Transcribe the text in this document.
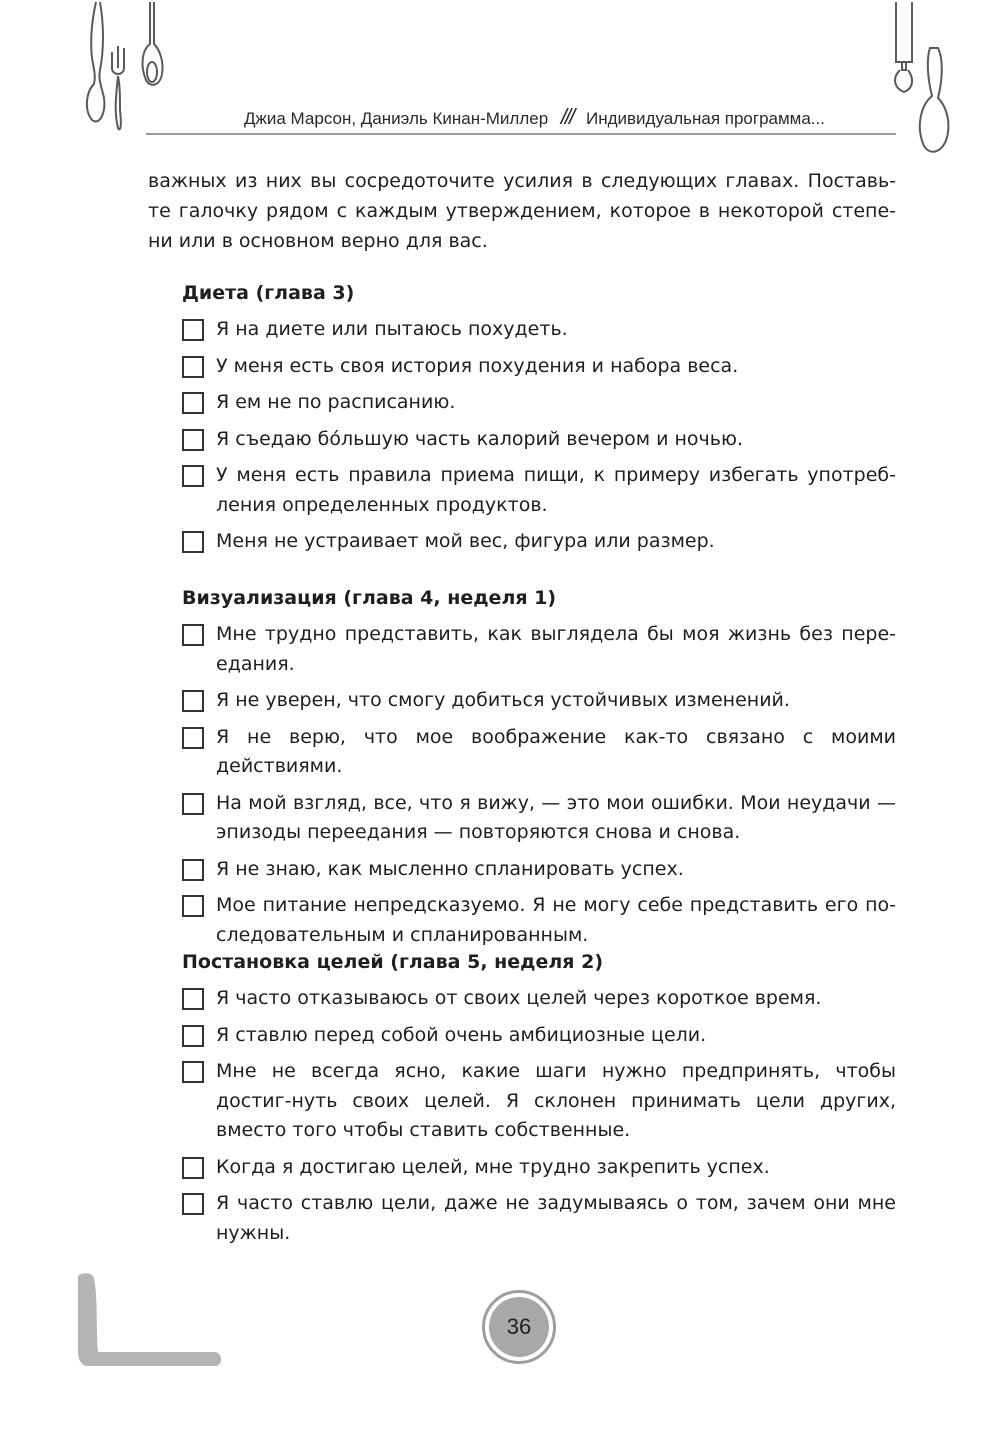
Джиа Марсон, Даниэль Кинан-Миллер /// Индивидуальная программа...
важных из них вы сосредоточите усилия в следующих главах. Поставь-те галочку рядом с каждым утверждением, которое в некоторой степе-ни или в основном верно для вас.
Диета (глава 3)
Я на диете или пытаюсь похудеть.
У меня есть своя история похудения и набора веса.
Я ем не по расписанию.
Я съедаю бо́льшую часть калорий вечером и ночью.
У меня есть правила приема пищи, к примеру избегать употреб-ления определенных продуктов.
Меня не устраивает мой вес, фигура или размер.
Визуализация (глава 4, неделя 1)
Мне трудно представить, как выглядела бы моя жизнь без пере-едания.
Я не уверен, что смогу добиться устойчивых изменений.
Я не верю, что мое воображение как-то связано с моими действиями.
На мой взгляд, все, что я вижу, — это мои ошибки. Мои неудачи — эпизоды переедания — повторяются снова и снова.
Я не знаю, как мысленно спланировать успех.
Мое питание непредсказуемо. Я не могу себе представить его по-следовательным и спланированным.
Постановка целей (глава 5, неделя 2)
Я часто отказываюсь от своих целей через короткое время.
Я ставлю перед собой очень амбициозные цели.
Мне не всегда ясно, какие шаги нужно предпринять, чтобы достиг-нуть своих целей. Я склонен принимать цели других, вместо того чтобы ставить собственные.
Когда я достигаю целей, мне трудно закрепить успех.
Я часто ставлю цели, даже не задумываясь о том, зачем они мне нужны.
36
